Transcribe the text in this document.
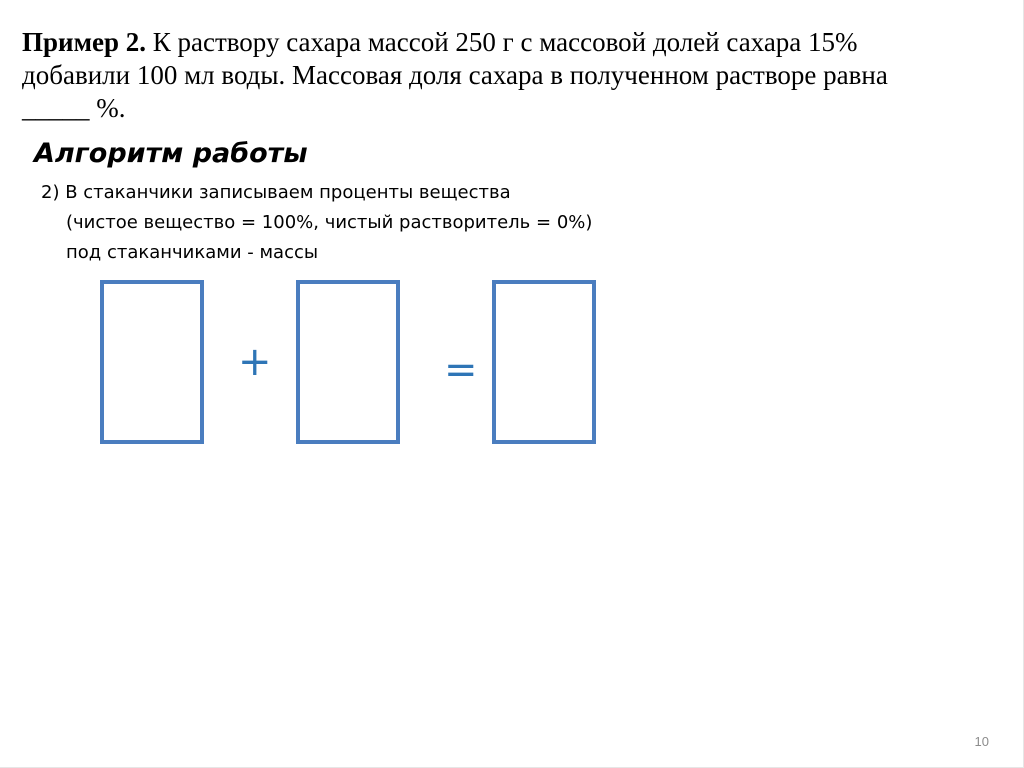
Пример 2. К раствору сахара массой 250 г с массовой долей сахара 15%
добавили 100 мл воды. Массовая доля сахара в полученном растворе равна
_____ %.

Алгоритм работы
2) В стаканчики записываем проценты вещества
(чистое вещество = 100%, чистый растворитель = 0%)
под стаканчиками - массы
+	=
10
